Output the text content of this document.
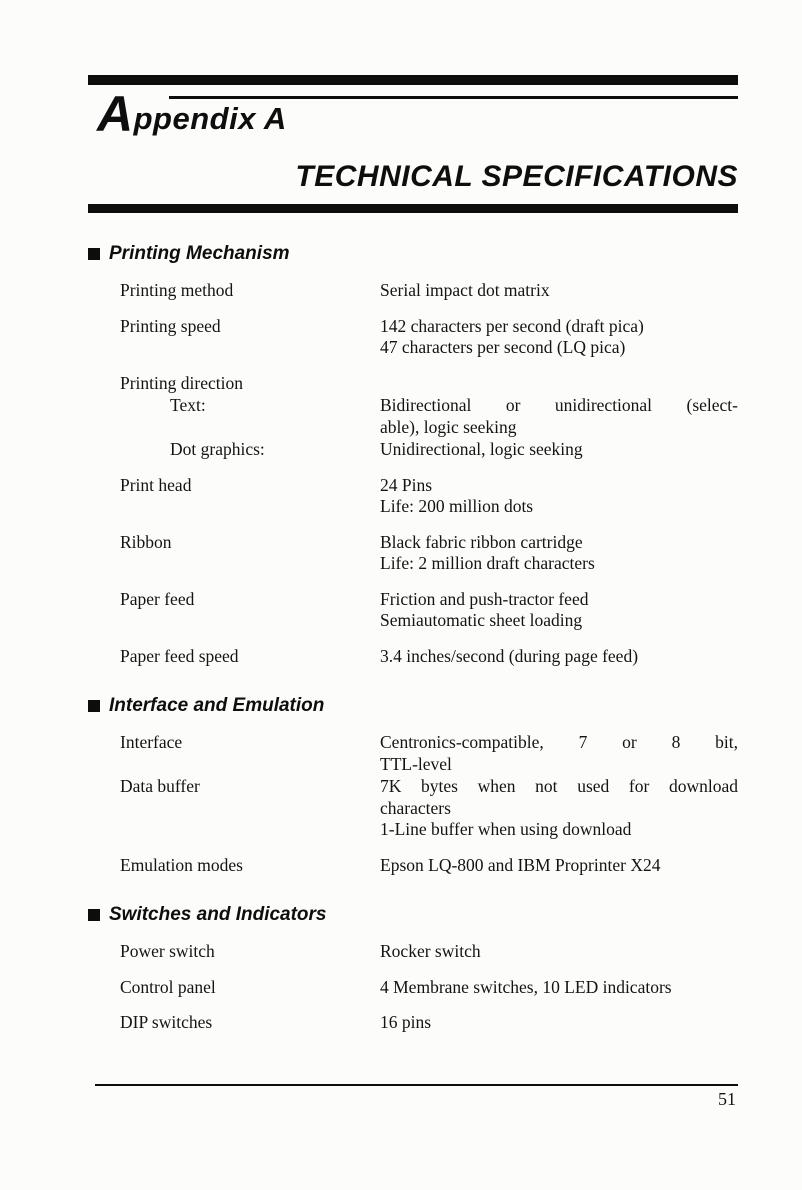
Appendix A
TECHNICAL SPECIFICATIONS
Printing Mechanism
Printing method	Serial impact dot matrix
Printing speed	142 characters per second (draft pica)
47 characters per second (LQ pica)
Printing direction
Text:	Bidirectional or unidirectional (select-
able), logic seeking
Dot graphics:	Unidirectional, logic seeking
Print head	24 Pins
Life: 200 million dots
Ribbon	Black fabric ribbon cartridge
Life: 2 million draft characters
Paper feed	Friction and push-tractor feed
Semiautomatic sheet loading
Paper feed speed	3.4 inches/second (during page feed)
Interface and Emulation
Interface	Centronics-compatible, 7 or 8 bit,
TTL-level
Data buffer	7K bytes when not used for download
characters
1-Line buffer when using download
Emulation modes	Epson LQ-800 and IBM Proprinter X24
Switches and Indicators
Power switch	Rocker switch
Control panel	4 Membrane switches, 10 LED indicators
DIP switches	16 pins
51
